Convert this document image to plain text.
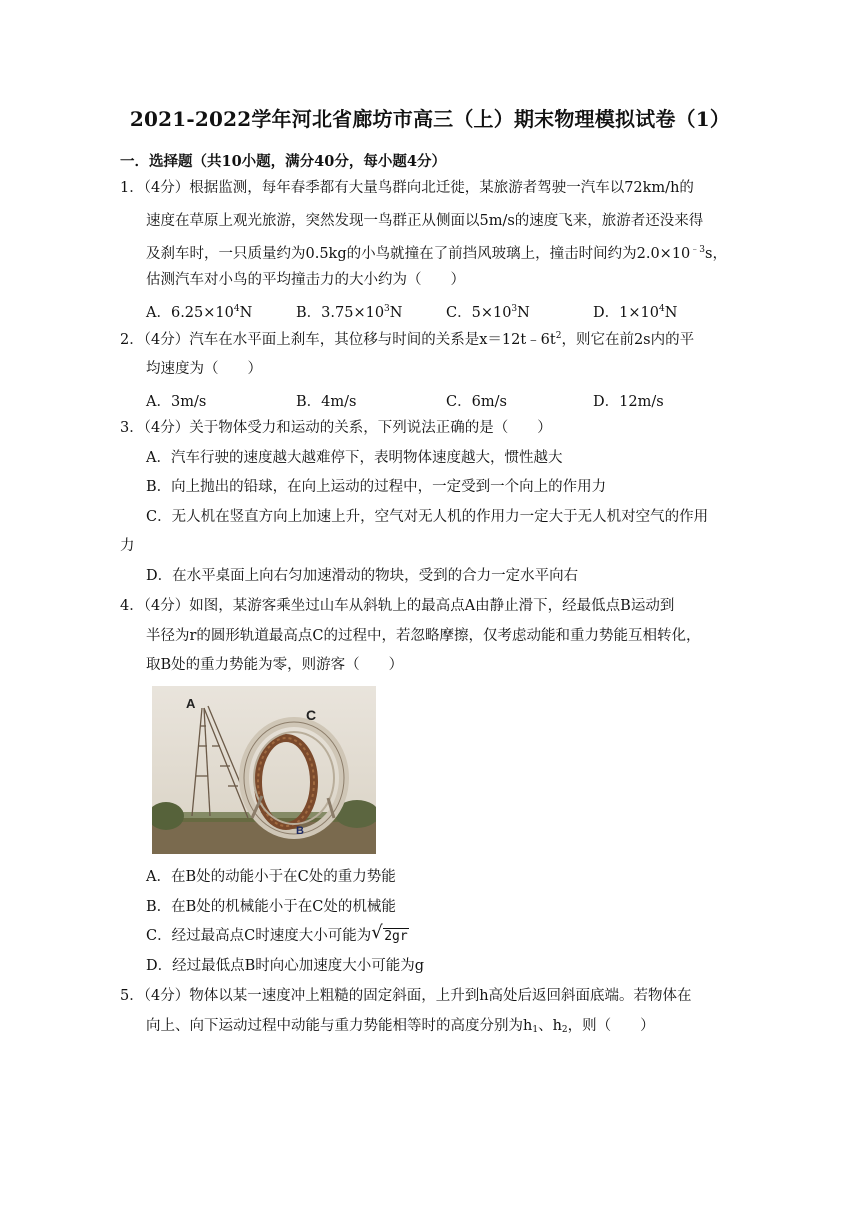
2021-2022学年河北省廊坊市高三（上）期末物理模拟试卷（1）
一．选择题（共10小题，满分40分，每小题4分）
1．（4分）根据监测，每年春季都有大量鸟群向北迁徙，某旅游者驾驶一汽车以72km/h的
速度在草原上观光旅游，突然发现一鸟群正从侧面以5m/s的速度飞来，旅游者还没来得
及刹车时，一只质量约为0.5kg的小鸟就撞在了前挡风玻璃上，撞击时间约为$2.0\times 10^{﹣3}s$，
估测汽车对小鸟的平均撞击力的大小约为（　　）
A．$6.25\times 10^4N$	B．$3.75\times 10^3N$	C．$5\times 10^3N$	D．$1\times 10^4N$
2．（4分）汽车在水平面上刹车，其位移与时间的关系是$x=12t﹣6t^2$，则它在前2s内的平
均速度为（　　）
A．3m/s	B．4m/s	C．6m/s	D．12m/s
3．（4分）关于物体受力和运动的关系，下列说法正确的是（　　）
A．汽车行驶的速度越大越难停下，表明物体速度越大，惯性越大
B．向上抛出的铅球，在向上运动的过程中，一定受到一个向上的作用力
C．无人机在竖直方向上加速上升，空气对无人机的作用力一定大于无人机对空气的作用
力
D．在水平桌面上向右匀加速滑动的物块，受到的合力一定水平向右
4．（4分）如图，某游客乘坐过山车从斜轨上的最高点A由静止滑下，经最低点B运动到
半径为r的圆形轨道最高点C的过程中，若忽略摩擦，仅考虑动能和重力势能互相转化，
取B处的重力势能为零，则游客（　　）
A
C
B
A．在B处的动能小于在C处的重力势能
B．在B处的机械能小于在C处的机械能
C．经过最高点C时速度大小可能为 √ 2gr
D．经过最低点B时向心加速度大小可能为g
5．（4分）物体以某一速度冲上粗糙的固定斜面，上升到h高处后返回斜面底端。若物体在
向上、向下运动过程中动能与重力势能相等时的高度分别为$h_1$、$h_2$，则（　　）
